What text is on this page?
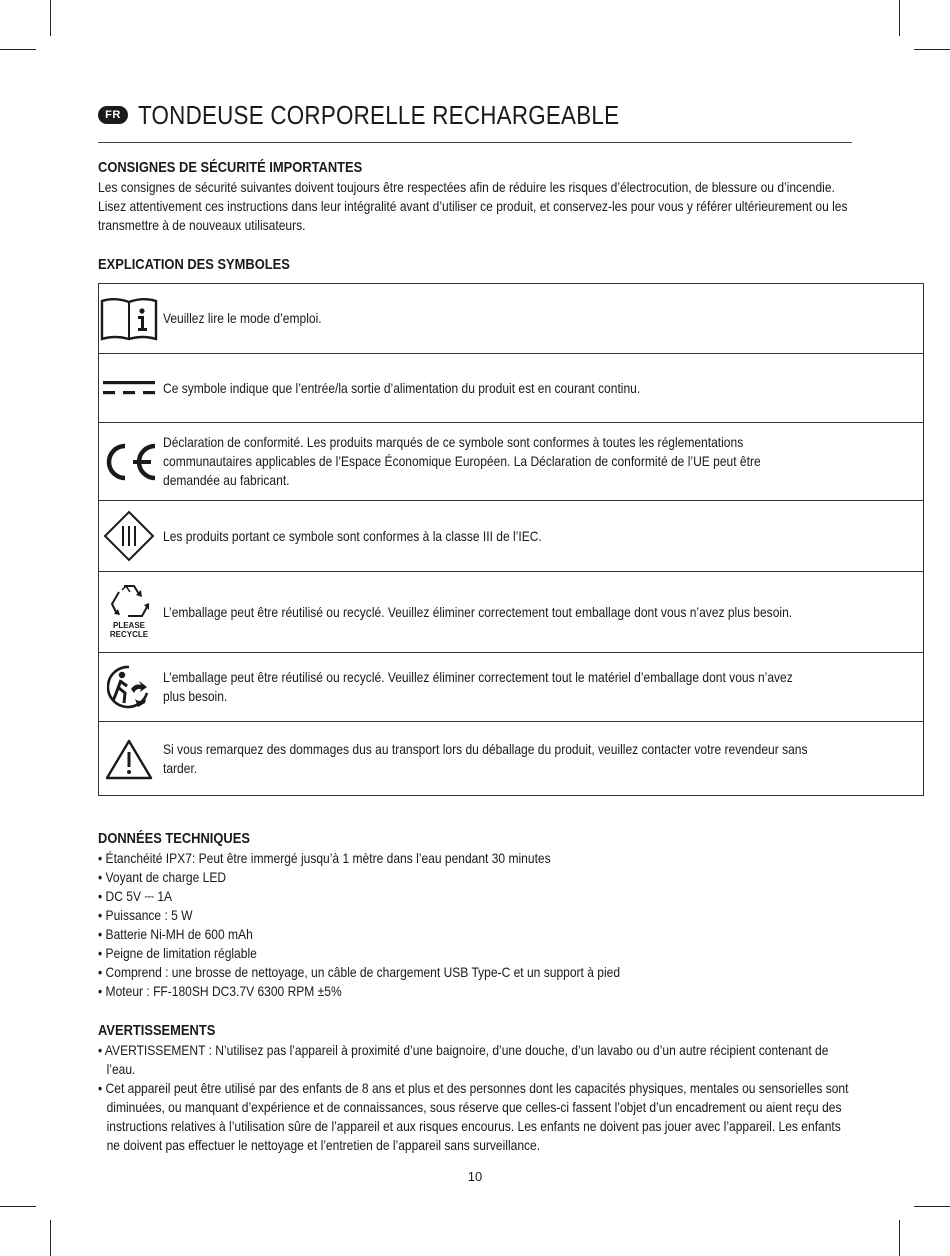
FR TONDEUSE CORPORELLE RECHARGEABLE
CONSIGNES DE SÉCURITÉ IMPORTANTES
Les consignes de sécurité suivantes doivent toujours être respectées afin de réduire les risques d’électrocution, de blessure ou d’incendie. Lisez attentivement ces instructions dans leur intégralité avant d’utiliser ce produit, et conservez-les pour vous y référer ultérieurement ou les transmettre à de nouveaux utilisateurs.
EXPLICATION DES SYMBOLES

Veuillez lire le mode d’emploi.

Ce symbole indique que l’entrée/la sortie d’alimentation du produit est en courant continu.

Déclaration de conformité. Les produits marqués de ce symbole sont conformes à toutes les réglementations communautaires applicables de l’Espace Économique Européen. La Déclaration de conformité de l’UE peut être demandée au fabricant.

Les produits portant ce symbole sont conformes à la classe III de l’IEC.

PLEASE
RECYCLE	L’emballage peut être réutilisé ou recyclé. Veuillez éliminer correctement tout emballage dont vous n’avez plus besoin.

L’emballage peut être réutilisé ou recyclé. Veuillez éliminer correctement tout le matériel d’emballage dont vous n’avez plus besoin.

Si vous remarquez des dommages dus au transport lors du déballage du produit, veuillez contacter votre revendeur sans tarder.
DONNÉES TECHNIQUES
• Étanchéité IPX7: Peut être immergé jusqu’à 1 mètre dans l’eau pendant 30 minutes
• Voyant de charge LED
• DC 5V ⎓ 1A
• Puissance : 5 W
• Batterie Ni-MH de 600 mAh
• Peigne de limitation réglable
• Comprend : une brosse de nettoyage, un câble de chargement USB Type-C et un support à pied
• Moteur : FF-180SH DC3.7V 6300 RPM ±5%
AVERTISSEMENTS
• AVERTISSEMENT : N’utilisez pas l’appareil à proximité d’une baignoire, d’une douche, d’un lavabo ou d’un autre récipient contenant de l’eau.
• Cet appareil peut être utilisé par des enfants de 8 ans et plus et des personnes dont les capacités physiques, mentales ou sensorielles sont diminuées, ou manquant d’expérience et de connaissances, sous réserve que celles-ci fassent l’objet d’un encadrement ou aient reçu des instructions relatives à l’utilisation sûre de l’appareil et aux risques encourus. Les enfants ne doivent pas jouer avec l’appareil. Les enfants ne doivent pas effectuer le nettoyage et l’entretien de l’appareil sans surveillance.
10
